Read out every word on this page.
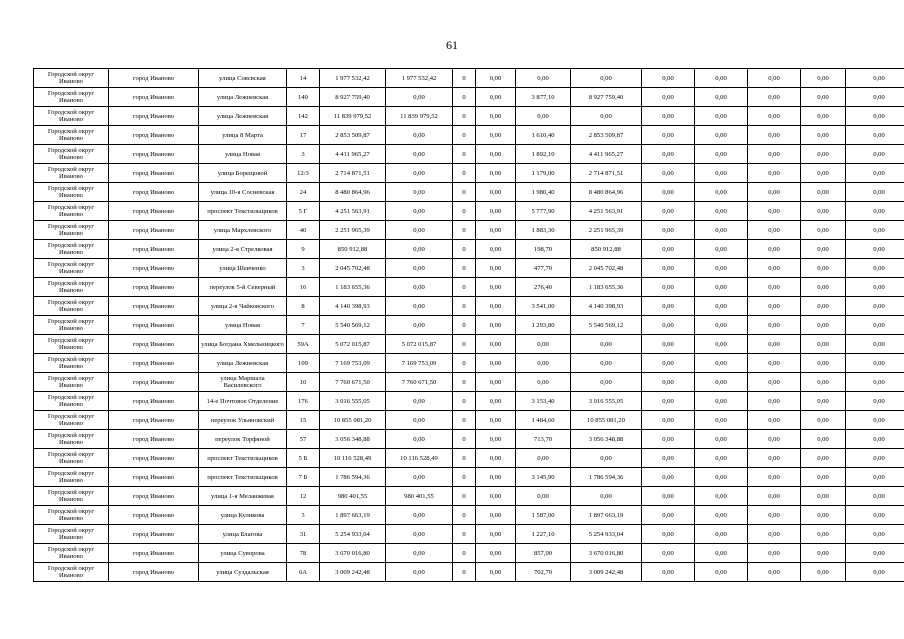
61
Городской округ Иваново	город Иваново	улица Совсвская	14	1 977 532,42	1 977 532,42	0	0,00	0,00	0,00	0,00	0,00	0,00	0,00	0,00
Городской округ Иваново	город Иваново	улица Лежневская	140	8 927 759,40	0,00	0	0,00	3 877,10	8 927 759,40	0,00	0,00	0,00	0,00	0,00
Городской округ Иваново	город Иваново	улица Лежневская	142	11 839 979,52	11 839 979,52	0	0,00	0,00	0,00	0,00	0,00	0,00	0,00	0,00
Городской округ Иваново	город Иваново	улица 8 Марта	17	2 853 509,87	0,00	0	0,00	1 610,40	2 853 509,87	0,00	0,00	0,00	0,00	0,00
Городской округ Иваново	город Иваново	улица Новая	3	4 411 965,27	0,00	0	0,00	1 892,10	4 411 965,27	0,00	0,00	0,00	0,00	0,00
Городской округ Иваново	город Иваново	улица Борещовой	12/3	2 714 871,51	0,00	0	0,00	1 179,00	2 714 871,51	0,00	0,00	0,00	0,00	0,00
Городской округ Иваново	город Иваново	улица 10-я Сосневская	24	8 480 864,96	0,00	0	0,00	1 980,40	8 480 864,96	0,00	0,00	0,00	0,00	0,00
Городской округ Иваново	город Иваново	проспект Текстильщиков	5 Г	4 251 563,91	0,00	0	0,00	5 777,90	4 251 563,91	0,00	0,00	0,00	0,00	0,00
Городской округ Иваново	город Иваново	улица Мархлевского	40	2 251 965,39	0,00	0	0,00	1 883,30	2 251 965,39	0,00	0,00	0,00	0,00	0,00
Городской округ Иваново	город Иваново	улица 2-я Стрелковая	9	850 912,88	0,00	0	0,00	198,70	850 912,88	0,00	0,00	0,00	0,00	0,00
Городской округ Иваново	город Иваново	улица Шевченко	3	2 045 702,48	0,00	0	0,00	477,70	2 045 702,48	0,00	0,00	0,00	0,00	0,00
Городской округ Иваново	город Иваново	переулок 5-й Северный	16	1 183 655,36	0,00	0	0,00	276,40	1 183 655,36	0,00	0,00	0,00	0,00	0,00
Городской округ Иваново	город Иваново	улица 2-я Чайковского	8	4 140 398,93	0,00	0	0,00	3 541,00	4 140 398,93	0,00	0,00	0,00	0,00	0,00
Городской округ Иваново	город Иваново	улица Новая	7	5 540 569,12	0,00	0	0,00	1 293,80	5 540 569,12	0,00	0,00	0,00	0,00	0,00
Городской округ Иваново	город Иваново	улица Богдана Хмельницкого	59А	5 072 015,87	5 072 015,87	0	0,00	0,00	0,00	0,00	0,00	0,00	0,00	0,00
Городской округ Иваново	город Иваново	улица Лежневская	109	7 169 753,09	7 169 753,09	0	0,00	0,00	0,00	0,00	0,00	0,00	0,00	0,00
Городской округ Иваново	город Иваново	улица Маршала Василевского	10	7 760 671,50	7 760 671,50	0	0,00	0,00	0,00	0,00	0,00	0,00	0,00	0,00
Городской округ Иваново	город Иваново	14-е Почтовое Отделение	176	3 016 555,05	0,00	0	0,00	3 153,40	3 016 555,05	0,00	0,00	0,00	0,00	0,00
Городской округ Иваново	город Иваново	переулок Ульяновский	15	10 855 081,20	0,00	0	0,00	1 484,60	10 855 081,20	0,00	0,00	0,00	0,00	0,00
Городской округ Иваново	город Иваново	переулок Торфяной	57	3 056 348,88	0,00	0	0,00	713,70	3 056 348,88	0,00	0,00	0,00	0,00	0,00
Городской округ Иваново	город Иваново	проспект Текстильщиков	5 Б	10 116 528,49	10 116 528,49	0	0,00	0,00	0,00	0,00	0,00	0,00	0,00	0,00
Городской округ Иваново	город Иваново	проспект Текстильщиков	7 Б	1 786 594,36	0,00	0	0,00	3 145,90	1 786 594,36	0,00	0,00	0,00	0,00	0,00
Городской округ Иваново	город Иваново	улица 1-я Меланжевая	12	980 401,55	980 401,55	0	0,00	0,00	0,00	0,00	0,00	0,00	0,00	0,00
Городской округ Иваново	город Иваново	улица Куликова	3	1 897 663,19	0,00	0	0,00	1 587,00	1 897 663,19	0,00	0,00	0,00	0,00	0,00
Городской округ Иваново	город Иваново	улица Благова	31	5 254 933,04	0,00	0	0,00	1 227,10	5 254 933,04	0,00	0,00	0,00	0,00	0,00
Городской округ Иваново	город Иваново	улица Суворова	78	3 670 016,80	0,00	0	0,00	857,00	3 670 016,80	0,00	0,00	0,00	0,00	0,00
Городской округ Иваново	город Иваново	улица Суздальская	6А	3 009 242,48	0,00	0	0,00	702,70	3 009 242,48	0,00	0,00	0,00	0,00	0,00
